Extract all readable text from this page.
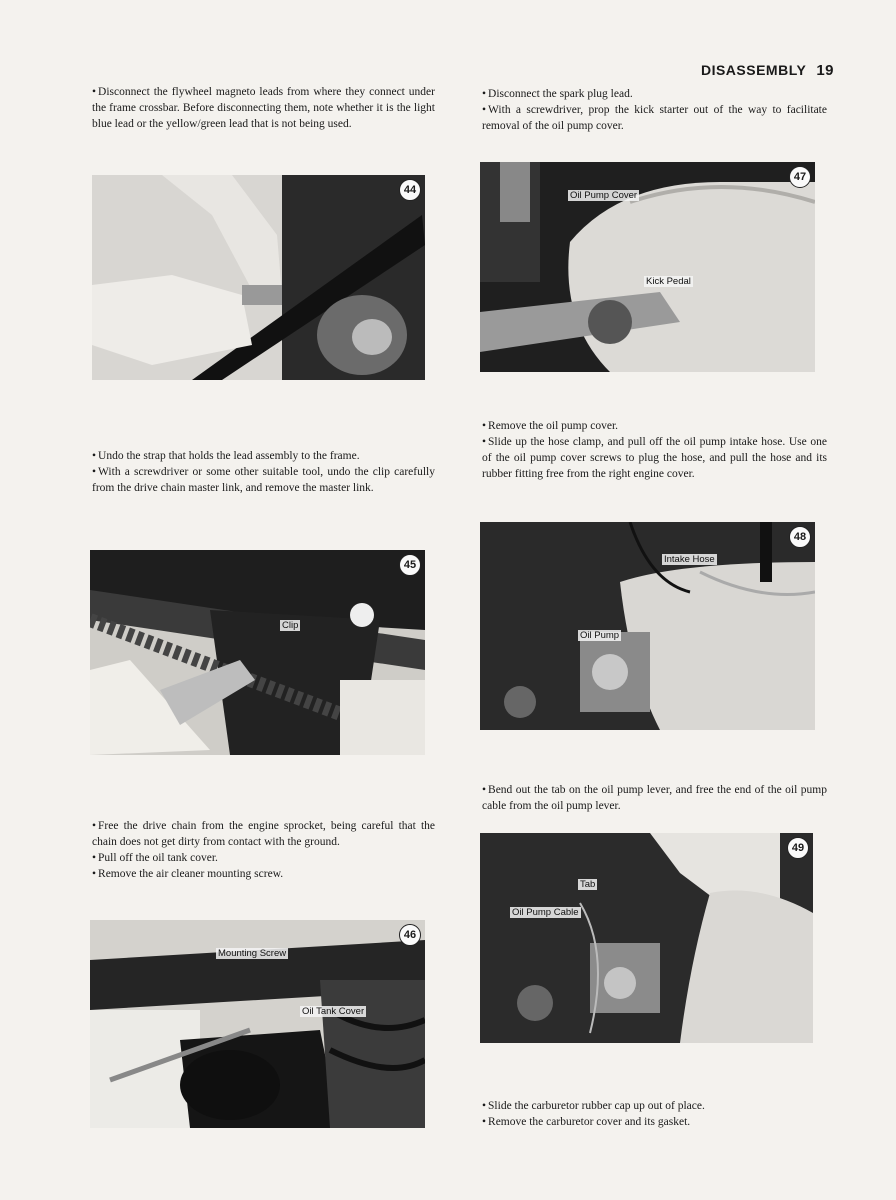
DISASSEMBLY 19

• Disconnect the flywheel magneto leads from where they connect under the frame crossbar. Before disconnecting them, note whether it is the light blue lead or the yellow/green lead that is not being used.

44

• Undo the strap that holds the lead assembly to the frame.

• With a screwdriver or some other suitable tool, undo the clip carefully from the drive chain master link, and remove the master link.

45
Clip

• Free the drive chain from the engine sprocket, being careful that the chain does not get dirty from contact with the ground.

• Pull off the oil tank cover.

• Remove the air cleaner mounting screw.

46
Mounting Screw
Oil Tank Cover

• Disconnect the spark plug lead.

• With a screwdriver, prop the kick starter out of the way to facilitate removal of the oil pump cover.

47
Oil Pump Cover
Kick Pedal

• Remove the oil pump cover.

• Slide up the hose clamp, and pull off the oil pump intake hose. Use one of the oil pump cover screws to plug the hose, and pull the hose and its rubber fitting free from the right engine cover.

48
Intake Hose
Oil Pump

• Bend out the tab on the oil pump lever, and free the end of the oil pump cable from the oil pump lever.

49
Tab
Oil Pump Cable

• Slide the carburetor rubber cap up out of place.

• Remove the carburetor cover and its gasket.
